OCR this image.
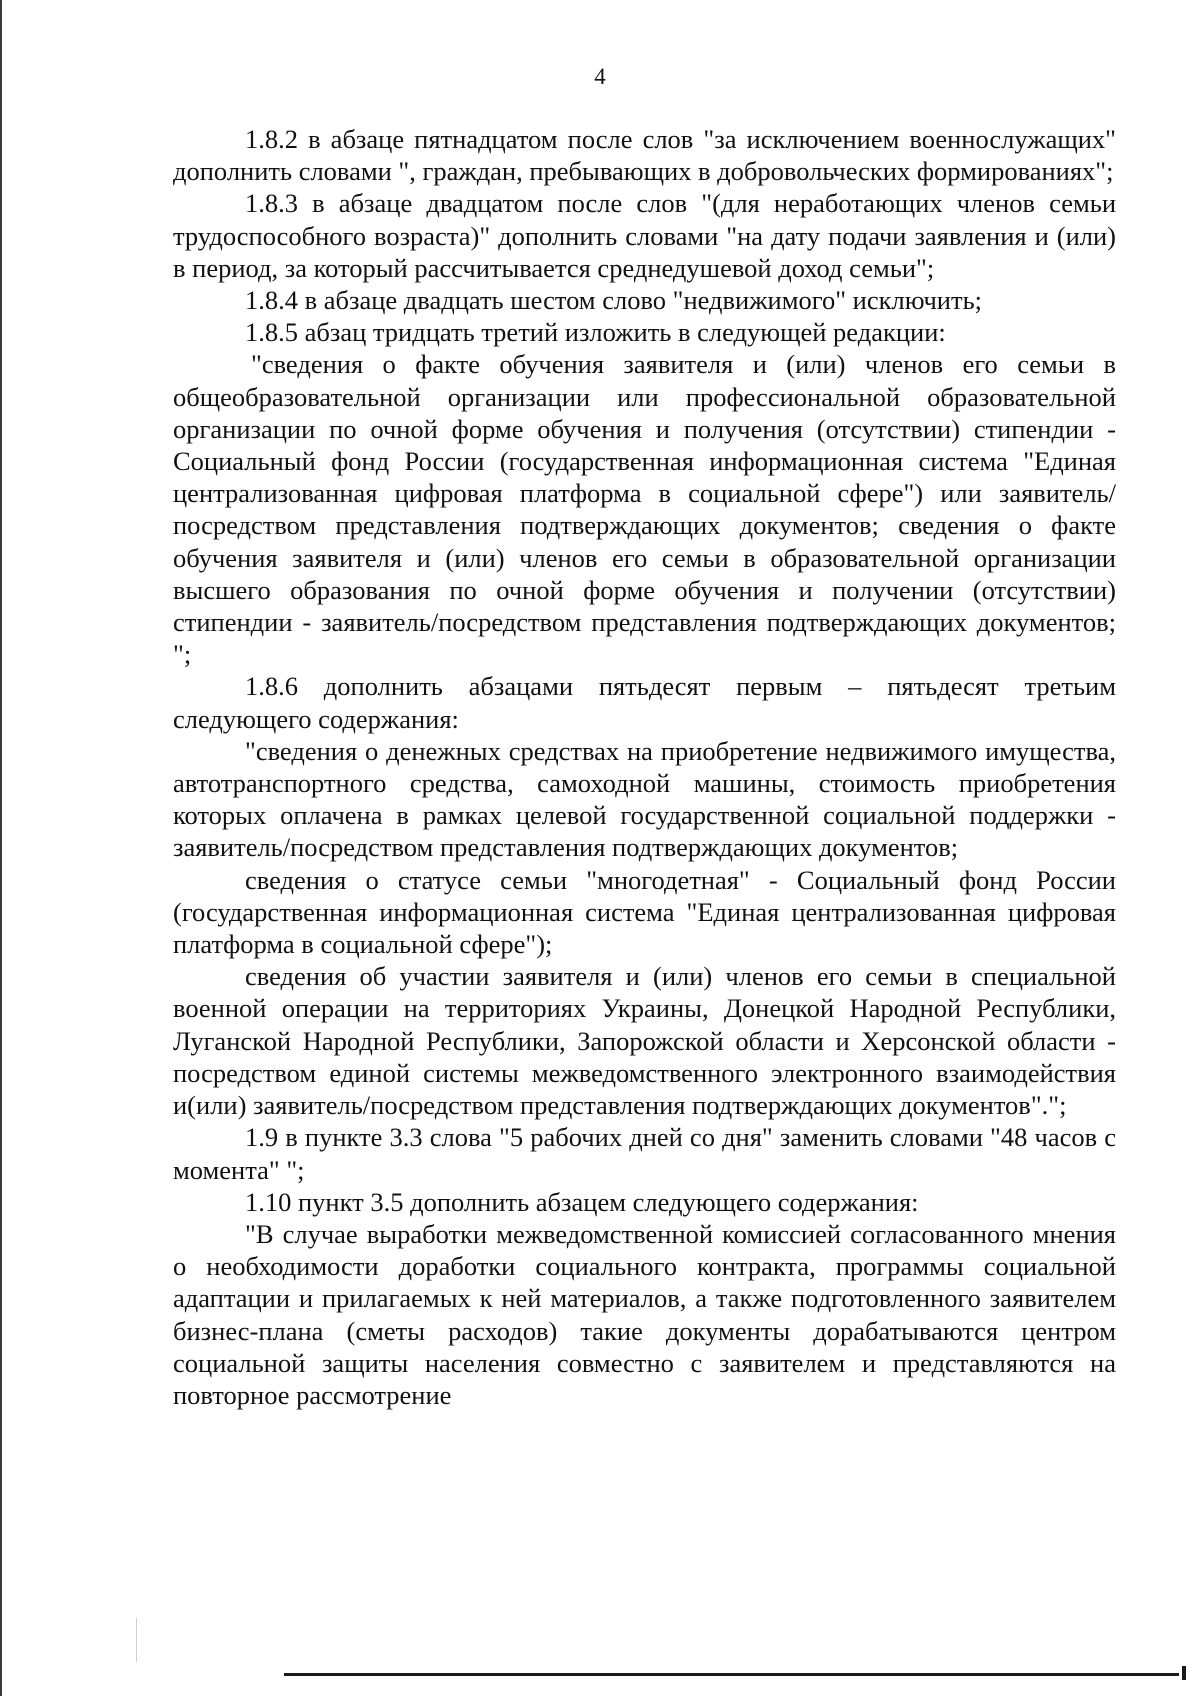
4

1.8.2 в абзаце пятнадцатом после слов "за исключением военнослужащих" дополнить словами ", граждан, пребывающих в добровольческих формированиях";

1.8.3 в абзаце двадцатом после слов "(для неработающих членов семьи трудоспособного возраста)" дополнить словами "на дату подачи заявления и (или) в период, за который рассчитывается среднедушевой доход семьи";

1.8.4 в абзаце двадцать шестом слово "недвижимого" исключить;

1.8.5 абзац тридцать третий изложить в следующей редакции:

"сведения о факте обучения заявителя и (или) членов его семьи в общеобразовательной организации или профессиональной образовательной организации по очной форме обучения и получения (отсутствии) стипендии - Социальный фонд России (государственная информационная система "Единая централизованная цифровая платформа в социальной сфере") или заявитель/посредством представления подтверждающих документов; сведения о факте обучения заявителя и (или) членов его семьи в образовательной организации высшего образования по очной форме обучения и получении (отсутствии) стипендии - заявитель/посредством представления подтверждающих документов; ";

1.8.6 дополнить абзацами пятьдесят первым – пятьдесят третьим следующего содержания:

"сведения о денежных средствах на приобретение недвижимого имущества, автотранспортного средства, самоходной машины, стоимость приобретения которых оплачена в рамках целевой государственной социальной поддержки - заявитель/посредством представления подтверждающих документов;

сведения о статусе семьи "многодетная" - Социальный фонд России (государственная информационная система "Единая централизованная цифровая платформа в социальной сфере");

сведения об участии заявителя и (или) членов его семьи в специальной военной операции на территориях Украины, Донецкой Народной Республики, Луганской Народной Республики, Запорожской области и Херсонской области - посредством единой системы межведомственного электронного взаимодействия и(или) заявитель/посредством представления подтверждающих документов".";

1.9 в пункте 3.3 слова "5 рабочих дней со дня" заменить словами "48 часов с момента" ";

1.10 пункт 3.5 дополнить абзацем следующего содержания:

"В случае выработки межведомственной комиссией согласованного мнения о необходимости доработки социального контракта, программы социальной адаптации и прилагаемых к ней материалов, а также подготовленного заявителем бизнес-плана (сметы расходов) такие документы дорабатываются центром социальной защиты населения совместно с заявителем и представляются на повторное рассмотрение
